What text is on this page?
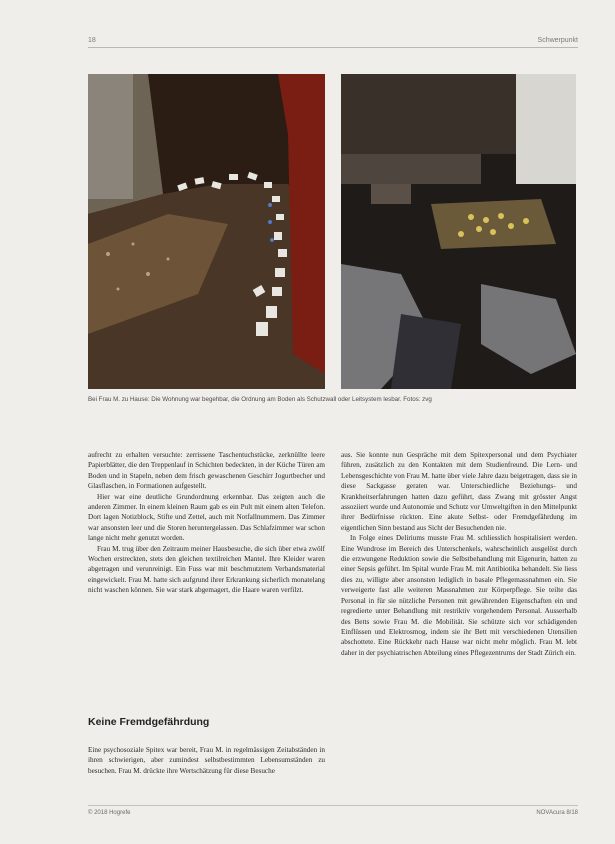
18	Schwerpunkt
Bei Frau M. zu Hause: Die Wohnung war begehbar, die Ordnung am Boden als Schutzwall oder Leitsystem lesbar. Fotos: zvg

aufrecht zu erhalten versuchte: zerrissene Taschentuchstücke, zerknüllte leere Papierblätter, die den Treppenlauf in Schichten bedeckten, in der Küche Türen am Boden und in Stapeln, neben dem frisch gewaschenen Geschirr Jogurtbecher und Glasflaschen, in Formationen aufgestellt.

Hier war eine deutliche Grundordnung erkennbar. Das zeigten auch die anderen Zimmer. In einem kleinen Raum gab es ein Pult mit einem alten Telefon. Dort lagen Notizblock, Stifte und Zettel, auch mit Notfallnummern. Das Zimmer war ansonsten leer und die Storen heruntergelassen. Das Schlafzimmer war schon lange nicht mehr genutzt worden.

Frau M. trug über den Zeitraum meiner Hausbesuche, die sich über etwa zwölf Wochen erstreckten, stets den gleichen textilreichen Mantel. Ihre Kleider waren abgetragen und verunreinigt. Ein Fuss war mit beschmutztem Verbandsmaterial eingewickelt. Frau M. hatte sich aufgrund ihrer Erkrankung sicherlich monatelang nicht waschen können. Sie war stark abgemagert, die Haare waren verfilzt.

Keine Fremdgefährdung

Eine psychosoziale Spitex war bereit, Frau M. in regelmässigen Zeitabständen in ihren schwierigen, aber zumindest selbstbestimmten Lebensumständen zu besuchen. Frau M. drückte ihre Wertschätzung für diese Besuche

aus. Sie konnte nun Gespräche mit dem Spitexpersonal und dem Psychiater führen, zusätzlich zu den Kontakten mit dem Studienfreund. Die Lern- und Lebensgeschichte von Frau M. hatte über viele Jahre dazu beigetragen, dass sie in diese Sackgasse geraten war. Unterschiedliche Beziehungs- und Krankheitserfahrungen hatten dazu geführt, dass Zwang mit grösster Angst assoziiert wurde und Autonomie und Schutz vor Umweltgiften in den Mittelpunkt ihrer Bedürfnisse rückten. Eine akute Selbst- oder Fremdgefährdung im eigentlichen Sinn bestand aus Sicht der Besuchenden nie.

In Folge eines Deliriums musste Frau M. schliesslich hospitalisiert werden. Eine Wundrose im Bereich des Unterschenkels, wahrscheinlich ausgelöst durch die erzwungene Reduktion sowie die Selbstbehandlung mit Eigenurin, hatten zu einer Sepsis geführt. Im Spital wurde Frau M. mit Antibiotika behandelt. Sie liess dies zu, willigte aber ansonsten lediglich in basale Pflegemassnahmen ein. Sie verweigerte fast alle weiteren Massnahmen zur Körperpflege. Sie teilte das Personal in für sie nützliche Personen mit gewährenden Eigenschaften ein und regredierte unter Behandlung mit restriktiv vorgehendem Personal. Ausserhalb des Betts sowie Frau M. die Mobilität. Sie schützte sich vor schädigenden Einflüssen und Elektrosmog, indem sie ihr Bett mit verschiedenen Utensilien abschottete. Eine Rückkehr nach Hause war nicht mehr möglich. Frau M. lebt daher in der psychiatrischen Abteilung eines Pflegezentrums der Stadt Zürich ein.

© 2018 Hogrefe	NOVAcura 8/18
